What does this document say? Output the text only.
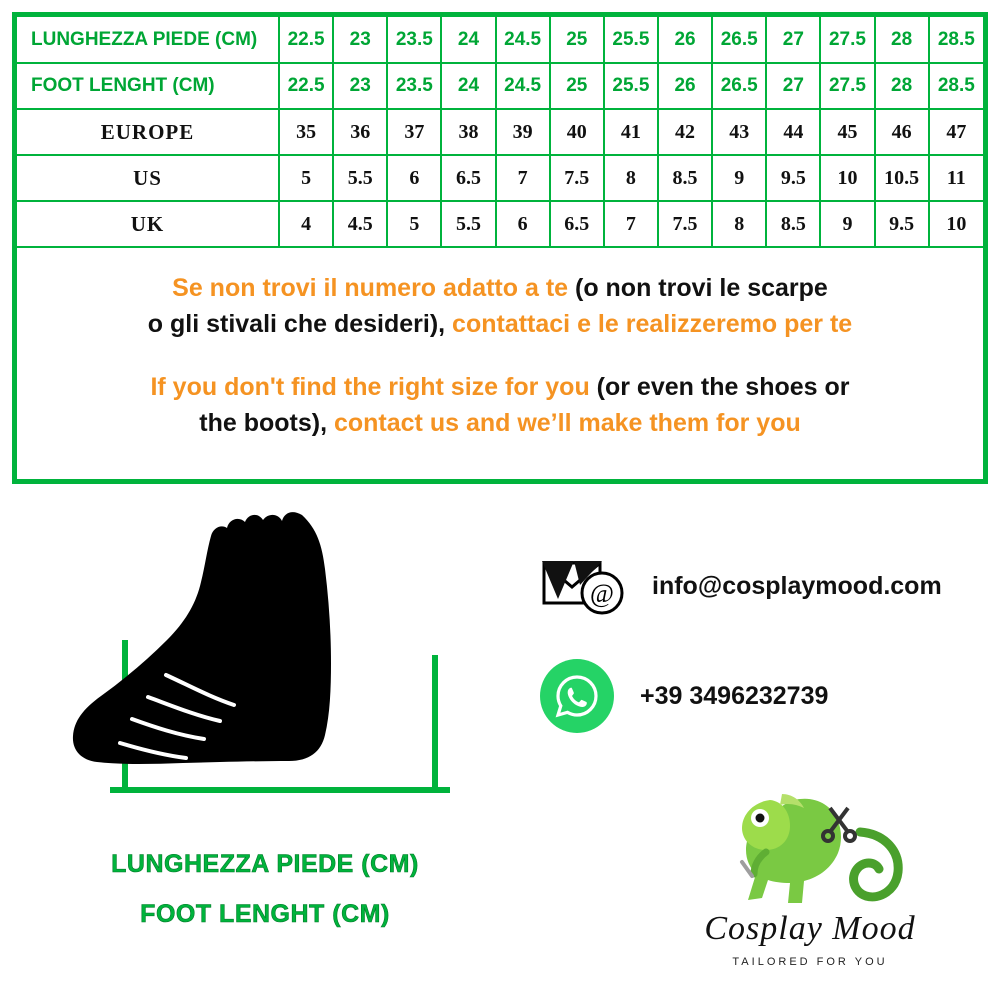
LUNGHEZZA PIEDE (CM)	22.5	23	23.5	24	24.5	25	25.5	26	26.5	27	27.5	28	28.5
FOOT LENGHT (CM)	22.5	23	23.5	24	24.5	25	25.5	26	26.5	27	27.5	28	28.5
EUROPE	35	36	37	38	39	40	41	42	43	44	45	46	47
US	5	5.5	6	6.5	7	7.5	8	8.5	9	9.5	10	10.5	11
UK	4	4.5	5	5.5	6	6.5	7	7.5	8	8.5	9	9.5	10
Se non trovi il numero adatto a te (o non trovi le scarpe
o gli stivali che desideri), contattaci e le realizzeremo per te
If you don't find the right size for you (or even the shoes or
the boots), contact us and we’ll make them for you
LUNGHEZZA PIEDE (CM)
FOOT LENGHT (CM)
@ info@cosplaymood.com
+39 3496232739
Cosplay Mood
TAILORED FOR YOU
